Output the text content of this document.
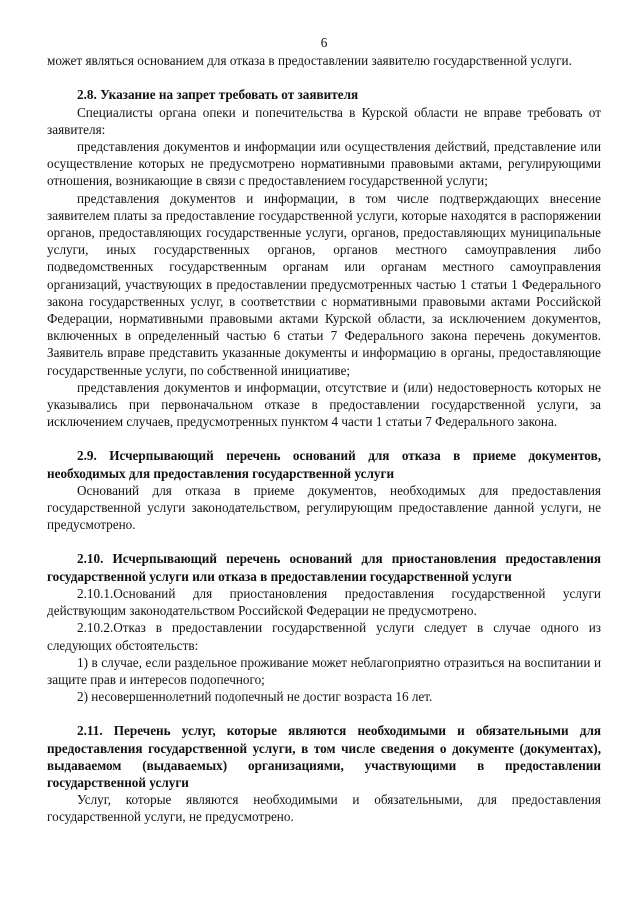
6

может являться основанием для отказа в предоставлении заявителю государственной услуги.

2.8. Указание на запрет требовать от заявителя

Специалисты органа опеки и попечительства в Курской области не вправе требовать от заявителя:

представления документов и информации или осуществления действий, представление или осуществление которых не предусмотрено нормативными правовыми актами, регулирующими отношения, возникающие в связи с предоставлением государственной услуги;

представления документов и информации, в том числе подтверждающих внесение заявителем платы за предоставление государственной услуги, которые находятся в распоряжении органов, предоставляющих государственные услуги, органов, предоставляющих муниципальные услуги, иных государственных органов, органов местного самоуправления либо подведомственных государственным органам или органам местного самоуправления организаций, участвующих в предоставлении предусмотренных частью 1 статьи 1 Федерального закона государственных услуг, в соответствии с нормативными правовыми актами Российской Федерации, нормативными правовыми актами Курской области, за исключением документов, включенных в определенный частью 6 статьи 7 Федерального закона перечень документов. Заявитель вправе представить указанные документы и информацию в органы, предоставляющие государственные услуги, по собственной инициативе;

представления документов и информации, отсутствие и (или) недостоверность которых не указывались при первоначальном отказе в предоставлении государственной услуги, за исключением случаев, предусмотренных пунктом 4 части 1 статьи 7 Федерального закона.

2.9. Исчерпывающий перечень оснований для отказа в приеме документов, необходимых для предоставления государственной услуги

Оснований для отказа в приеме документов, необходимых для предоставления государственной услуги законодательством, регулирующим предоставление данной услуги, не предусмотрено.

2.10. Исчерпывающий перечень оснований для приостановления предоставления государственной услуги или отказа в предоставлении государственной услуги

2.10.1.Оснований для приостановления предоставления государственной услуги действующим законодательством Российской Федерации не предусмотрено.

2.10.2.Отказ в предоставлении государственной услуги следует в случае одного из следующих обстоятельств:

1) в случае, если раздельное проживание может неблагоприятно отразиться на воспитании и защите прав и интересов подопечного;

2) несовершеннолетний подопечный не достиг возраста 16 лет.

2.11. Перечень услуг, которые являются необходимыми и обязательными для предоставления государственной услуги, в том числе сведения о документе (документах), выдаваемом (выдаваемых) организациями, участвующими в предоставлении государственной услуги

Услуг, которые являются необходимыми и обязательными, для предоставления государственной услуги, не предусмотрено.
